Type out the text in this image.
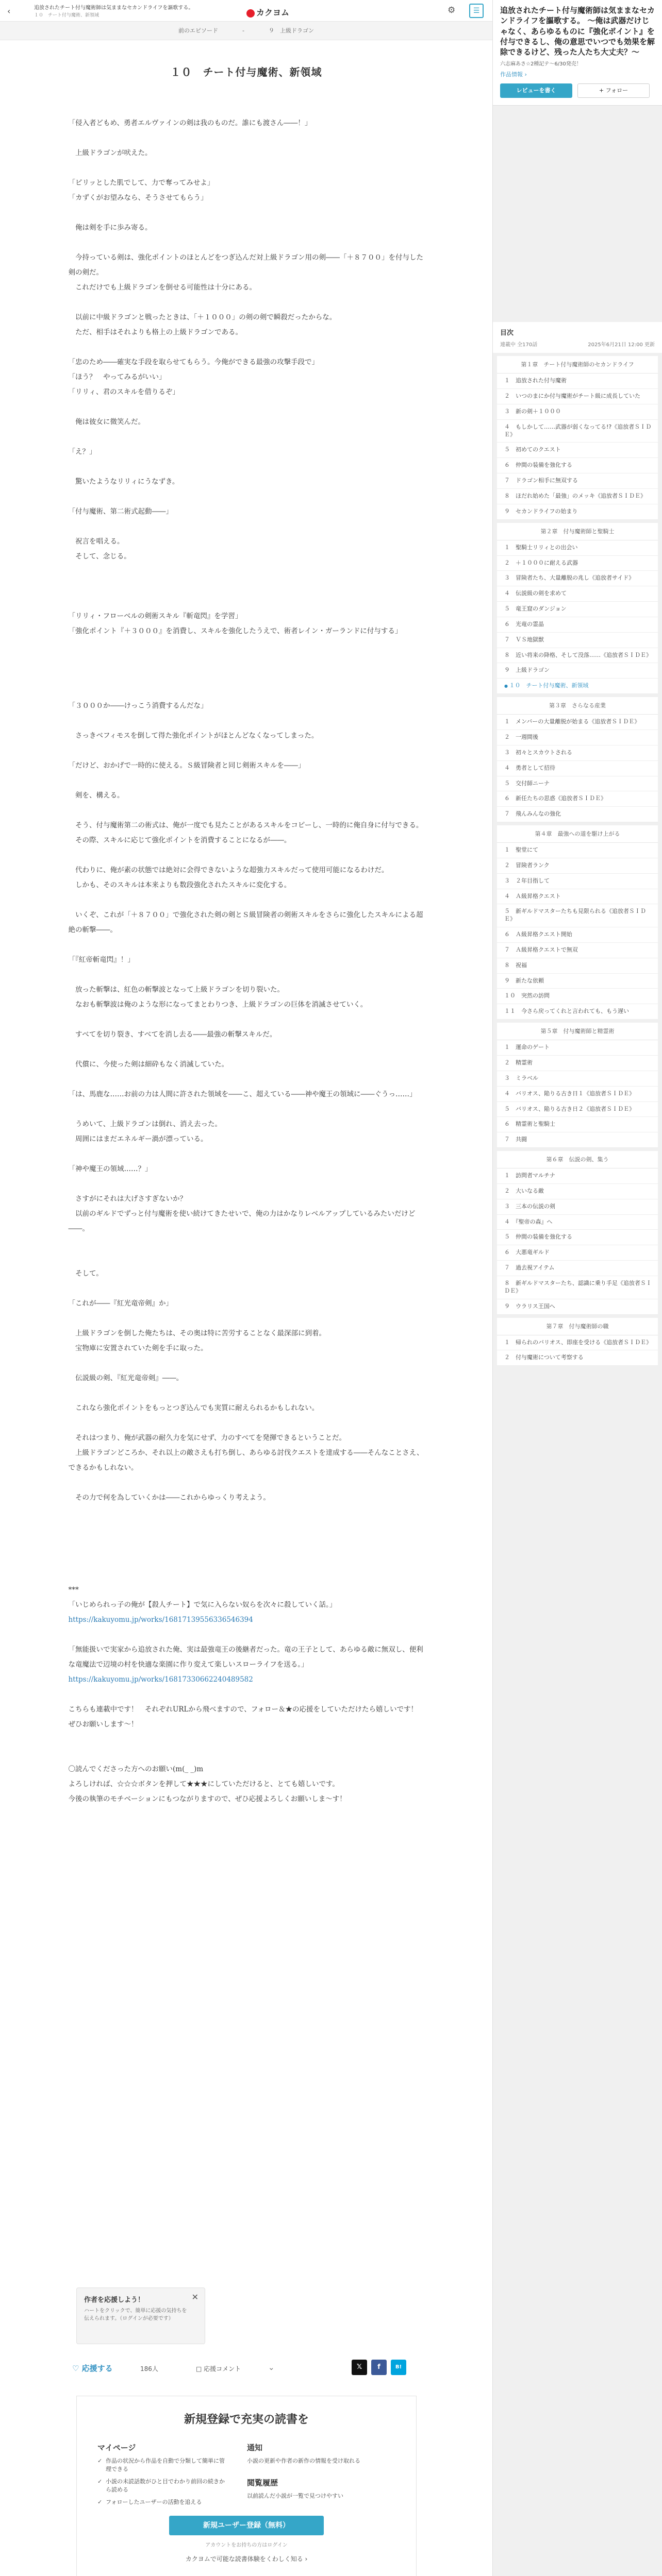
‹	追放されたチート付与魔術師は気ままなセカンドライフを謳歌する。
１０　チート付与魔術、新領域	カクヨム	⚙	☰
前のエピソード	‐	９　上級ドラゴン
１０　チート付与魔術、新領域

「侵入者どもめ、勇者エルヴァインの剣は我のものだ。誰にも渡さん――！」

　上級ドラゴンが吠えた。

「ピリッとした肌でして、力で奪ってみせよ」

「カずくがお望みなら、そうさせてもらう」

　俺は剣を手に歩み寄る。

　今持っている剣は、強化ポイントのほとんどをつぎ込んだ対上級ドラゴン用の剣――「＋８７００」を付与した剣の剣だ。

　これだけでも上級ドラゴンを倒せる可能性は十分にある。

　以前に中級ドラゴンと戦ったときは、「＋１０００」の剣の剣で瞬殺だったからな。

　ただ、相手はそれよりも格上の上級ドラゴンである。

「忠のため――確実な手段を取らせてもらう。今俺ができる最強の攻撃手段で」

「ほう？　やってみるがいい」

「リリィ、君のスキルを借りるぞ」

　俺は彼女に微笑んだ。

「え？」

　驚いたようなリリィにうなずき。

「付与魔術、第二術式起動――」

　祝言を唱える。

　そして、念じる。

「リリィ・フローベルの剣術スキル『斬竜閃』を学習」

「強化ポイント『＋３０００』を消費し、スキルを強化したうえで、術者レイン・ガーランドに付与する」

「３０００か――けっこう消費するんだな」

　さっきベフィモスを倒して得た強化ポイントがほとんどなくなってしまった。

「だけど、おかげで一時的に使える。Ｓ級冒険者と同じ剣術スキルを――」

　剣を、構える。

　そう、付与魔術第二の術式は、俺が一度でも見たことがあるスキルをコピーし、一時的に俺自身に付与できる。

　その際、スキルに応じて強化ポイントを消費することになるが――。

　代わりに、俺が素の状態では絶対に会得できないような超強力スキルだって使用可能になるわけだ。

　しかも、そのスキルは本来よりも数段強化されたスキルに変化する。

　いくぞ、これが「＋８７００」で強化された剣の剣とＳ級冒険者の剣術スキルをさらに強化したスキルによる超絶の斬撃――。

「『紅帝斬竜閃』！」

　放った斬撃は、紅色の斬撃波となって上級ドラゴンを切り裂いた。

　なおも斬撃波は俺のような形になってまとわりつき、上級ドラゴンの巨体を消滅させていく。

　すべてを切り裂き、すべてを消し去る――最強の斬撃スキルだ。

　代償に、今使った剣は細砕もなく消滅していた。

「は、馬鹿な……お前の力は人間に許された領域を――こ、超えている――神や魔王の領域に――ぐうっ……」

　うめいて、上級ドラゴンは倒れ、消え去った。

　周囲にはまだエネルギー渦が漂っている。

「神や魔王の領域……？」

　さすがにそれは大げさすぎないか？

　以前のギルドでずっと付与魔術を使い続けてきたせいで、俺の力はかなりレベルアップしているみたいだけど――。

　そして。

「これが――『紅光竜帝剣』か」

　上級ドラゴンを倒した俺たちは、その奥は特に苦労することなく最深部に到着。

　宝物庫に安置されていた剣を手に取った。

　伝説級の剣、『紅光竜帝剣』――。

　これなら強化ポイントをもっとつぎ込んでも実質に耐えられるかもしれない。

　それはつまり、俺が武器の耐久力を気にせず、力のすべてを発揮できるということだ。

　上級ドラゴンどころか、それ以上の敵さえも打ち倒し、あらゆる討伐クエストを達成する――そんなことさえ、できるかもしれない。

　その力で何を為していくかは――これからゆっくり考えよう。

***

「いじめられっ子の俺が【殺人チート】で気に入らない奴らを次々に殺していく話。」

https://kakuyomu.jp/works/16817139556336546394

「無能扱いで実家から追放された俺、実は最強竜王の後継者だった。竜の王子として、あらゆる敵に無双し、便利な竜魔法で辺境の村を快適な楽園に作り変えて楽しいスローライフを送る。」

https://kakuyomu.jp/works/16817330662240489582

こちらも連載中です！　それぞれURLから飛べますので、フォロー＆★の応援をしていただけたら嬉しいです！　ぜひお願いします～！

〇読んでくださった方へのお願い(m(_ _)m

よろしければ、☆☆☆ボタンを押して★★★にしていただけると、とても嬉しいです。

今後の執筆のモチベーションにもつながりますので、ぜひ応援よろしくお願いしま～す！

作者を応援しよう！
ハートをクリックで、簡単に応援の気持ちを伝えられます。（ログインが必要です）
✕
♡ 応援する	186人	□ 応援コメント	⌄	𝕏	f	B!
新規登録で充実の読書を
マイページ
✓ 作品の状況から作品を自動で分類して簡単に管理できる
✓ 小説の未読話数がひと目でわかり前回の続きから読める
✓ フォローしたユーザーの活動を追える
通知
小説の更新や作者の新作の情報を受け取れる
閲覧履歴
以前読んだ小説が一覧で見つけやすい
新規ユーザー登録（無料）
アカウントをお持ちの方はログイン
カクヨムで可能な読書体験をくわしく知る ›
追放されたチート付与魔術師は気ままなセカンドライフを謳歌する。 ～俺は武器だけじゃなく、あらゆるものに『強化ポイント』を付与できるし、俺の意思でいつでも効果を解除できるけど、残った人たち大丈夫？～
六志麻あさ☆2種記テ～6/30発売！
作品情報 ›
レビューを書く	+ フォロー
目次
連載中 全170話	2025年6月21日 12:00 更新
第１章　チート付与魔術師のセカンドライフ
１　追放された付与魔術
２　いつのまにか付与魔術がチート級に成長していた
３　新の剣＋１０００
４　もしかして……武器が弱くなってる!?《追放者ＳＩＤＥ》
５　初めてのクエスト
６　仲間の装備を強化する
７　ドラゴン相手に無双する
８　ほだれ始めた「最強」のメッキ《追放者ＳＩＤＥ》
９　セカンドライフの始まり
第２章　付与魔術師と聖騎士
１　聖騎士リリィとの出会い
２　＋１０００に耐える武器
３　冒険者たち、大量離脱の兆し《追放者サイド》
４　伝説級の剣を求めて
５　竜王窟のダンジョン
６　光竜の霊晶
７　ＶＳ地獄獣
８　近い将来の降格、そして没落……《追放者ＳＩＤＥ》
９　上級ドラゴン
● １０　チート付与魔術、新領域
第３章　さらなる産業
１　メンバーの大量離脱が始まる《追放者ＳＩＤＥ》
２　一週間後
３　初々とスカウトされる
４　勇者として招待
５　交付師ニーナ
６　新任たちの思惑《追放者ＳＩＤＥ》
７　飛んみんなの強化
第４章　最強への道を駆け上がる
１　聖堂にて
２　冒険者ランク
３　２年目指して
４　Ａ級昇格クエスト
５　新ギルドマスターたちも見限られる《追放者ＳＩＤＥ》
６　Ａ級昇格クエスト開始
７　Ａ級昇格クエストで無双
８　祝福
９　新たな依頼
１０　突然の訪問
１１　今さら戻ってくれと言われても、もう遅い
第５章　付与魔術師と精霊術
１　運命のゲート
２　精霊術
３　ミラベル
４　バリオス、陥りる古き日１《追放者ＳＩＤＥ》
５　バリオス、陥りる古き日２《追放者ＳＩＤＥ》
６　精霊術と聖騎士
７　共闘
第６章　伝説の剣、集う
１　訪問者マルチナ
２　大いなる敵
３　三本の伝説の剣
４　『聖帝の森』へ
５　仲間の装備を強化する
６　大悪竜ギルド
７　過去視アイテム
８　新ギルドマスターたち、認識に乗り手足《追放者ＳＩＤＥ》
９　ウラリス王国へ
第７章　付与魔術師の職
１　帰られのバリオス、即座を受ける《追放者ＳＩＤＥ》
２　付与魔術について考察する
